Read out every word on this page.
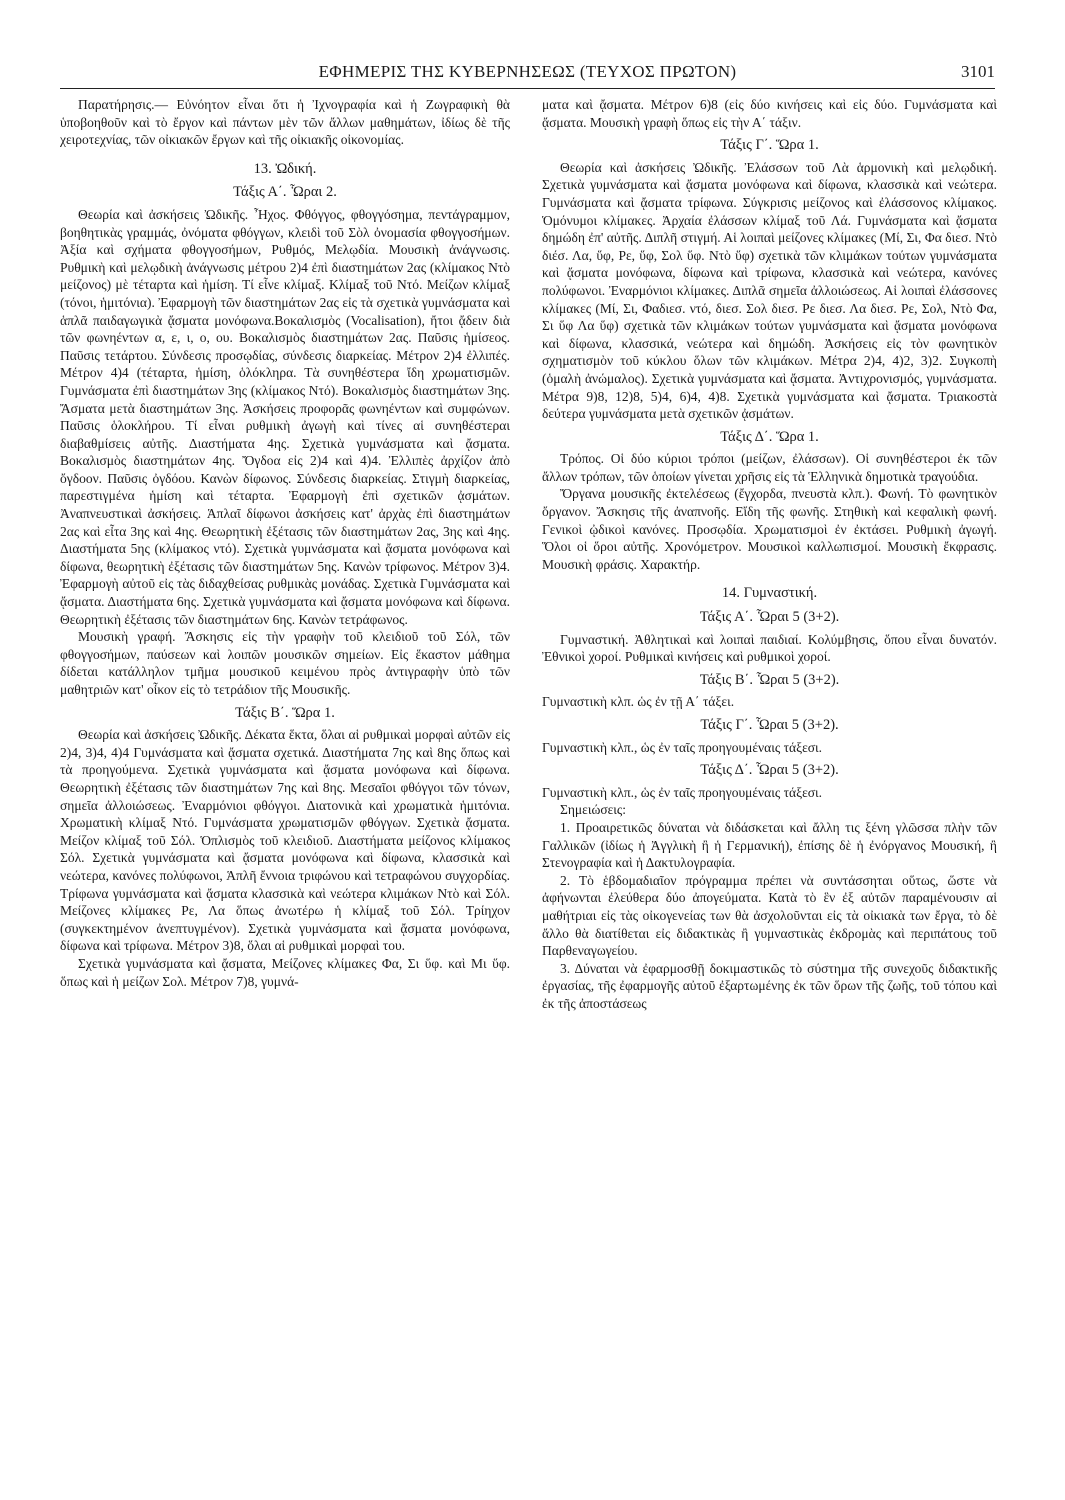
ΕΦΗΜΕΡΙΣ ΤΗΣ ΚΥΒΕΡΝΗΣΕΩΣ (ΤΕΥΧΟΣ ΠΡΩΤΟΝ)	3101

Παρατήρησις.— Εὐνόητον εἶναι ὅτι ἡ Ἰχνογραφία καὶ ἡ Ζωγραφικὴ θὰ ὑποβοηθοῦν καὶ τὸ ἔργον καὶ πάντων μὲν τῶν ἄλλων μαθημάτων, ἰδίως δὲ τῆς χειροτεχνίας, τῶν οἰκιακῶν ἔργων καὶ τῆς οἰκιακῆς οἰκονομίας.

13. Ὠδική.
Τάξις Α΄. Ὧραι 2.

Θεωρία καὶ ἀσκήσεις Ὠδικῆς. Ἦχος. Φθόγγος, φθογγόσημα, πεντάγραμμον, βοηθητικὰς γραμμάς, ὀνόματα φθόγγων, κλειδὶ τοῦ Σὸλ ὀνομασία φθογγοσήμων. Ἀξία καὶ σχήματα φθογγοσήμων, Ρυθμός, Μελῳδία. Μουσικὴ ἀνάγνωσις. Ρυθμικὴ καὶ μελῳδικὴ ἀνάγνωσις μέτρου 2)4 ἐπὶ διαστημάτων 2ας (κλίμακος Ντὸ μείζονος) μὲ τέταρτα καὶ ἡμίση. Τί εἶνε κλίμαξ. Κλίμαξ τοῦ Ντό. Μείζων κλίμαξ (τόνοι, ἡμιτόνια). Ἐφαρμογὴ τῶν διαστημάτων 2ας εἰς τὰ σχετικὰ γυμνάσματα καὶ ἁπλᾶ παιδαγωγικὰ ᾄσματα μονόφωνα.Βοκαλισμὸς (Vocalisation), ἤτοι ᾄδειν διὰ τῶν φωνηέντων α, ε, ι, ο, ου. Βοκαλισμὸς διαστημάτων 2ας. Παῦσις ἡμίσεος. Παῦσις τετάρτου. Σύνδεσις προσῳδίας, σύνδεσις διαρκείας. Μέτρον 2)4 ἐλλιπές. Μέτρον 4)4 (τέταρτα, ἡμίση, ὁλόκληρα. Τὰ συνηθέστερα ἴδη χρωματισμῶν. Γυμνάσματα ἐπὶ διαστημάτων 3ης (κλίμακος Ντό). Βοκαλισμὸς διαστημάτων 3ης. Ἄσματα μετὰ διαστημάτων 3ης. Ἀσκήσεις προφορᾶς φωνηέντων καὶ συμφώνων. Παῦσις ὁλοκλήρου. Τί εἶναι ρυθμικὴ ἀγωγὴ καὶ τίνες αἱ συνηθέστεραι διαβαθμίσεις αὐτῆς. Διαστήματα 4ης. Σχετικὰ γυμνάσματα καὶ ᾄσματα. Βοκαλισμὸς διαστημάτων 4ης. Ὄγδοα εἰς 2)4 καὶ 4)4. Ἐλλιπὲς ἀρχίζον ἀπὸ ὄγδοον. Παῦσις ὀγδόου. Κανὼν δίφωνος. Σύνδεσις διαρκείας. Στιγμὴ διαρκείας, παρεστιγμένα ἡμίση καὶ τέταρτα. Ἐφαρμογὴ ἐπὶ σχετικῶν ᾀσμάτων. Ἀναπνευστικαὶ ἀσκήσεις. Ἁπλαῖ δίφωνοι ἀσκήσεις κατ' ἀρχὰς ἐπὶ διαστημάτων 2ας καὶ εἶτα 3ης καὶ 4ης. Θεωρητικὴ ἐξέτασις τῶν διαστημάτων 2ας, 3ης καὶ 4ης. Διαστήματα 5ης (κλίμακος ντό). Σχετικὰ γυμνάσματα καὶ ᾄσματα μονόφωνα καὶ δίφωνα, θεωρητικὴ ἐξέτασις τῶν διαστημάτων 5ης. Κανὼν τρίφωνος. Μέτρον 3)4. Ἐφαρμογὴ αὐτοῦ εἰς τὰς διδαχθείσας ρυθμικὰς μονάδας. Σχετικὰ Γυμνάσματα καὶ ᾄσματα. Διαστήματα 6ης. Σχετικὰ γυμνάσματα καὶ ᾄσματα μονόφωνα καὶ δίφωνα. Θεωρητικὴ ἐξέτασις τῶν διαστημάτων 6ης. Κανὼν τετράφωνος.

Μουσικὴ γραφή. Ἄσκησις εἰς τὴν γραφὴν τοῦ κλειδιοῦ τοῦ Σόλ, τῶν φθογγοσήμων, παύσεων καὶ λοιπῶν μουσικῶν σημείων. Εἰς ἕκαστον μάθημα δίδεται κατάλληλον τμῆμα μουσικοῦ κειμένου πρὸς ἀντιγραφὴν ὑπὸ τῶν μαθητριῶν κατ' οἶκον εἰς τὸ τετράδιον τῆς Μουσικῆς.

Τάξις Β΄. Ὥρα 1.

Θεωρία καὶ ἀσκήσεις Ὠδικῆς. Δέκατα ἕκτα, ὅλαι αἱ ρυθμικαὶ μορφαὶ αὐτῶν εἰς 2)4, 3)4, 4)4 Γυμνάσματα καὶ ᾄσματα σχετικά. Διαστήματα 7ης καὶ 8ης ὅπως καὶ τὰ προηγούμενα. Σχετικὰ γυμνάσματα καὶ ᾄσματα μονόφωνα καὶ δίφωνα. Θεωρητικὴ ἐξέτασις τῶν διαστημάτων 7ης καὶ 8ης. Μεσαῖοι φθόγγοι τῶν τόνων, σημεῖα ἀλλοιώσεως. Ἐναρμόνιοι φθόγγοι. Διατονικὰ καὶ χρωματικὰ ἡμιτόνια. Χρωματικὴ κλίμαξ Ντό. Γυμνάσματα χρωματισμῶν φθόγγων. Σχετικὰ ᾄσματα. Μείζον κλίμαξ τοῦ Σόλ. Ὁπλισμὸς τοῦ κλειδιοῦ. Διαστήματα μείζονος κλίμακος Σόλ. Σχετικὰ γυμνάσματα καὶ ᾄσματα μονόφωνα καὶ δίφωνα, κλασσικὰ καὶ νεώτερα, κανόνες πολύφωνοι, Ἁπλῆ ἔννοια τριφώνου καὶ τετραφώνου συγχορδίας. Τρίφωνα γυμνάσματα καὶ ᾄσματα κλασσικὰ καὶ νεώτερα κλιμάκων Ντὸ καὶ Σόλ. Μείζονες κλίμακες Ρε, Λα ὅπως ἀνωτέρω ἡ κλίμαξ τοῦ Σόλ. Τρίηχον (συγκεκτημένον ἀνεπτυγμένον). Σχετικὰ γυμνάσματα καὶ ᾄσματα μονόφωνα, δίφωνα καὶ τρίφωνα. Μέτρον 3)8, ὅλαι αἱ ρυθμικαὶ μορφαὶ του.

Σχετικὰ γυμνάσματα καὶ ᾄσματα, Μείζονες κλίμακες Φα, Σι ὕφ. καὶ Μι ὕφ. ὅπως καὶ ἡ μείζων Σολ. Μέτρον 7)8, γυμνά-

ματα καὶ ᾄσματα. Μέτρον 6)8 (εἰς δύο κινήσεις καὶ εἰς δύο. Γυμνάσματα καὶ ᾄσματα. Μουσικὴ γραφὴ ὅπως εἰς τὴν Α΄ τάξιν.

Τάξις Γ΄. Ὥρα 1.

Θεωρία καὶ ἀσκήσεις Ὠδικῆς. Ἐλάσσων τοῦ Λὰ ἁρμονικὴ καὶ μελῳδική. Σχετικὰ γυμνάσματα καὶ ᾄσματα μονόφωνα καὶ δίφωνα, κλασσικὰ καὶ νεώτερα. Γυμνάσματα καὶ ᾄσματα τρίφωνα. Σύγκρισις μείζονος καὶ ἐλάσσονος κλίμακος. Ὁμόνυμοι κλίμακες. Ἀρχαία ἐλάσσων κλίμαξ τοῦ Λά. Γυμνάσματα καὶ ᾄσματα δημώδη ἐπ' αὐτῆς. Διπλῆ στιγμή. Αἱ λοιπαὶ μείζονες κλίμακες (Μί, Σι, Φα διεσ. Ντὸ διέσ. Λα, ὕφ, Ρε, ὕφ, Σολ ὕφ. Ντὸ ὕφ) σχετικὰ τῶν κλιμάκων τούτων γυμνάσματα καὶ ᾄσματα μονόφωνα, δίφωνα καὶ τρίφωνα, κλασσικὰ καὶ νεώτερα, κανόνες πολύφωνοι. Ἐναρμόνιοι κλίμακες. Διπλᾶ σημεῖα ἀλλοιώσεως. Αἱ λοιπαὶ ἐλάσσονες κλίμακες (Μί, Σι, Φαδιεσ. ντό, διεσ. Σολ διεσ. Ρε διεσ. Λα διεσ. Ρε, Σολ, Ντὸ Φα, Σι ὕφ Λα ὕφ) σχετικὰ τῶν κλιμάκων τούτων γυμνάσματα καὶ ᾄσματα μονόφωνα καὶ δίφωνα, κλασσικά, νεώτερα καὶ δημώδη. Ἀσκήσεις εἰς τὸν φωνητικὸν σχηματισμὸν τοῦ κύκλου ὅλων τῶν κλιμάκων. Μέτρα 2)4, 4)2, 3)2. Συγκοπὴ (ὁμαλὴ ἀνώμαλος). Σχετικὰ γυμνάσματα καὶ ᾄσματα. Ἀντιχρονισμός, γυμνάσματα. Μέτρα 9)8, 12)8, 5)4, 6)4, 4)8. Σχετικὰ γυμνάσματα καὶ ᾄσματα. Τριακοστὰ δεύτερα γυμνάσματα μετὰ σχετικῶν ᾀσμάτων.

Τάξις Δ΄. Ὥρα 1.

Τρόπος. Οἱ δύο κύριοι τρόποι (μείζων, ἐλάσσων). Οἱ συνηθέστεροι ἐκ τῶν ἄλλων τρόπων, τῶν ὁποίων γίνεται χρῆσις εἰς τὰ Ἑλληνικὰ δημοτικὰ τραγούδια.

Ὄργανα μουσικῆς ἐκτελέσεως (ἔγχορδα, πνευστὰ κλπ.). Φωνή. Τὸ φωνητικὸν ὄργανον. Ἄσκησις τῆς ἀναπνοῆς. Εἴδη τῆς φωνῆς. Στηθικὴ καὶ κεφαλικὴ φωνή. Γενικοὶ ᾠδικοὶ κανόνες. Προσῳδία. Χρωματισμοὶ ἐν ἐκτάσει. Ρυθμικὴ ἀγωγή. Ὅλοι οἱ ὅροι αὐτῆς. Χρονόμετρον. Μουσικοὶ καλλωπισμοί. Μουσικὴ ἔκφρασις. Μουσικὴ φράσις. Χαρακτήρ.

14. Γυμναστική.
Τάξις Α΄. Ὧραι 5 (3+2).

Γυμναστική. Ἀθλητικαὶ καὶ λοιπαὶ παιδιαί. Κολύμβησις, ὅπου εἶναι δυνατόν. Ἐθνικοὶ χοροί. Ρυθμικαὶ κινήσεις καὶ ρυθμικοὶ χοροί.

Τάξις Β΄. Ὧραι 5 (3+2).

Γυμναστικὴ κλπ. ὡς ἐν τῇ Α΄ τάξει.

Τάξις Γ΄. Ὧραι 5 (3+2).

Γυμναστικὴ κλπ., ὡς ἐν ταῖς προηγουμέναις τάξεσι.

Τάξις Δ΄. Ὧραι 5 (3+2).

Γυμναστικὴ κλπ., ὡς ἐν ταῖς προηγουμέναις τάξεσι.

Σημειώσεις:

1. Προαιρετικῶς δύναται νὰ διδάσκεται καὶ ἄλλη τις ξένη γλῶσσα πλὴν τῶν Γαλλικῶν (ἰδίως ἡ Ἀγγλικὴ ἢ ἡ Γερμανική), ἐπίσης δὲ ἡ ἐνόργανος Μουσική, ἢ Στενογραφία καὶ ἡ Δακτυλογραφία.

2. Τὸ ἑβδομαδιαῖον πρόγραμμα πρέπει νὰ συντάσσηται οὕτως, ὥστε νὰ ἀφήνωνται ἐλεύθερα δύο ἀπογεύματα. Κατὰ τὸ ἓν ἐξ αὐτῶν παραμένουσιν αἱ μαθήτριαι εἰς τὰς οἰκογενείας των θὰ ἀσχολοῦνται εἰς τὰ οἰκιακὰ των ἔργα, τὸ δὲ ἄλλο θὰ διατίθεται εἰς διδακτικὰς ἢ γυμναστικὰς ἐκδρομὰς καὶ περιπάτους τοῦ Παρθεναγωγείου.

3. Δύναται νὰ ἐφαρμοσθῇ δοκιμαστικῶς τὸ σύστημα τῆς συνεχοῦς διδακτικῆς ἐργασίας, τῆς ἐφαρμογῆς αὐτοῦ ἐξαρτωμένης ἐκ τῶν ὅρων τῆς ζωῆς, τοῦ τόπου καὶ ἐκ τῆς ἀποστάσεως
